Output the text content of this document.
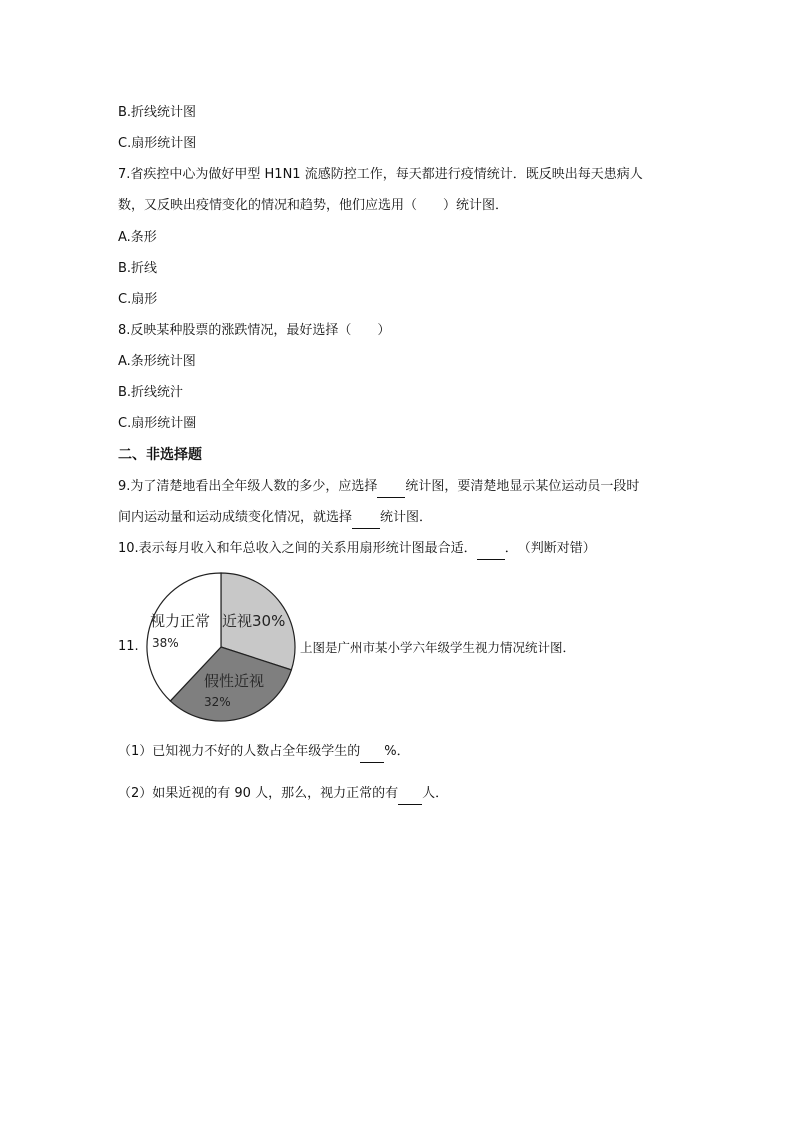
B.折线统计图
C.扇形统计图
7.省疾控中心为做好甲型 H1N1 流感防控工作，每天都进行疫情统计．既反映出每天患病人
数，又反映出疫情变化的情况和趋势，他们应选用（　　）统计图．
A.条形
B.折线
C.扇形
8.反映某种股票的涨跌情况，最好选择（　　）
A.条形统计图
B.折线统汁
C.扇形统计圈
二、非选择题
9.为了清楚地看出全年级人数的多少，应选择 统计图，要清楚地显示某位运动员一段时
间内运动量和运动成绩变化情况，就选择 统计图．
10.表示每月收入和年总收入之间的关系用扇形统计图最合适． ．　（判断对错）
11.
近视30%
视力正常
38%
假性近视
32%
上图是广州市某小学六年级学生视力情况统计图．
（1）已知视力不好的人数占全年级学生的 %．
（2）如果近视的有 90 人，那么，视力正常的有 人．
